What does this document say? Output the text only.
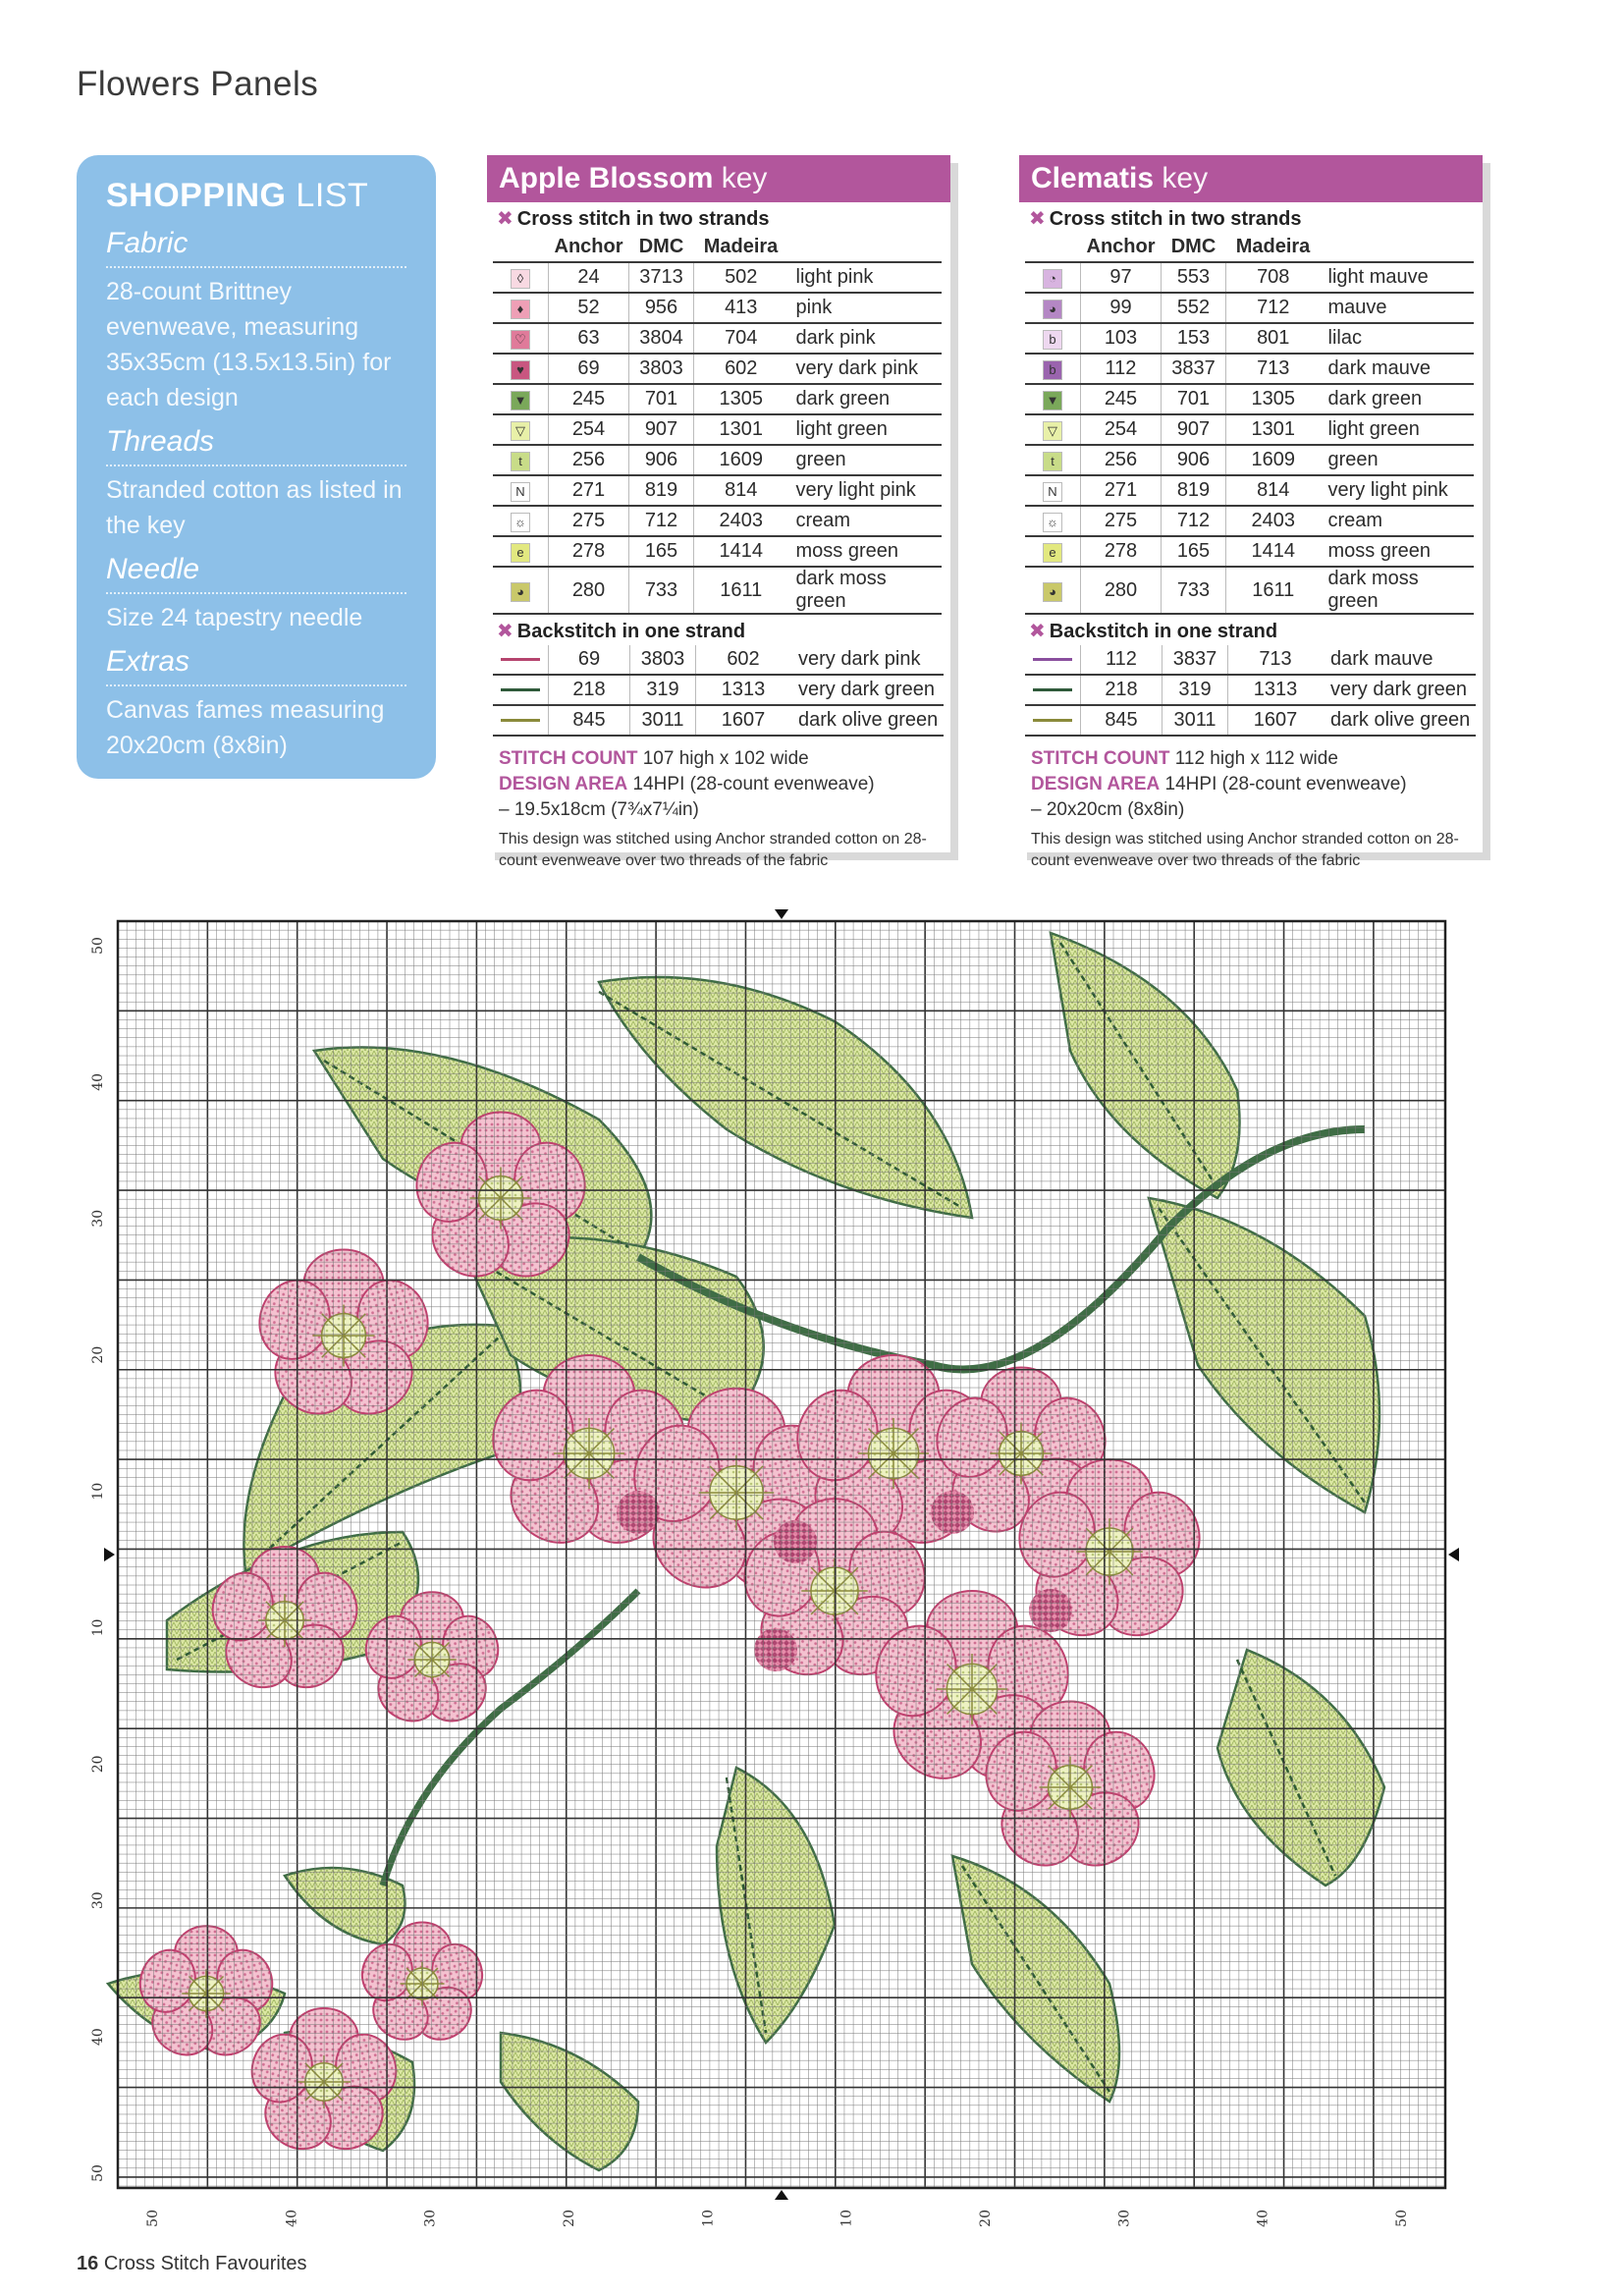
Flowers Panels
SHOPPING LIST
Fabric
28-count Brittney evenweave, measuring 35x35cm (13.5x13.5in) for each design
Threads
Stranded cotton as listed in the key
Needle
Size 24 tapestry needle
Extras
Canvas fames measuring 20x20cm (8x8in)
Apple Blossom key
✖ Cross stitch in two strands
	Anchor	DMC	Madeira	
◊	24	3713	502	light pink
♦	52	956	413	pink
♡	63	3804	704	dark pink
♥	69	3803	602	very dark pink
▼	245	701	1305	dark green
▽	254	907	1301	light green
t	256	906	1609	green
N	271	819	814	very light pink
☼	275	712	2403	cream
e	278	165	1414	moss green
◕	280	733	1611	dark moss green
✖ Backstitch in one strand
	69	3803	602	very dark pink
	218	319	1313	very dark green
	845	3011	1607	dark olive green
STITCH COUNT 107 high x 102 wide
DESIGN AREA 14HPI (28-count evenweave)
– 19.5x18cm (7¾x7¼in)
This design was stitched using Anchor stranded cotton on 28-count evenweave over two threads of the fabric
Clematis key
✖ Cross stitch in two strands
	Anchor	DMC	Madeira	
◔	97	553	708	light mauve
◕	99	552	712	mauve
b	103	153	801	lilac
b	112	3837	713	dark mauve
▼	245	701	1305	dark green
▽	254	907	1301	light green
t	256	906	1609	green
N	271	819	814	very light pink
☼	275	712	2403	cream
e	278	165	1414	moss green
◕	280	733	1611	dark moss green
✖ Backstitch in one strand
	112	3837	713	dark mauve
	218	319	1313	very dark green
	845	3011	1607	dark olive green
STITCH COUNT 112 high x 112 wide
DESIGN AREA 14HPI (28-count evenweave)
– 20x20cm (8x8in)
This design was stitched using Anchor stranded cotton on 28-count evenweave over two threads of the fabric
50
40
30
20
10
10
20
30
40
50
50	40	30	20	10	10	20	30	40	50
16 Cross Stitch Favourites
